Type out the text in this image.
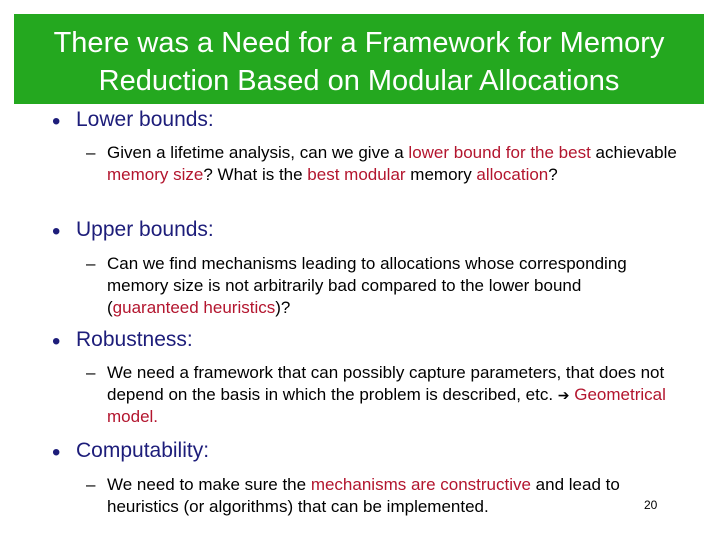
There was a Need for a Framework for Memory
Reduction Based on Modular Allocations
• Lower bounds:
– Given a lifetime analysis, can we give a lower bound for the best achievable memory size? What is the best modular memory allocation?
• Upper bounds:
– Can we find mechanisms leading to allocations whose corresponding memory size is not arbitrarily bad compared to the lower bound (guaranteed heuristics)?
• Robustness:
– We need a framework that can possibly capture parameters, that does not depend on the basis in which the problem is described, etc. ➔ Geometrical model.
• Computability:
– We need to make sure the mechanisms are constructive and lead to heuristics (or algorithms) that can be implemented.	20
